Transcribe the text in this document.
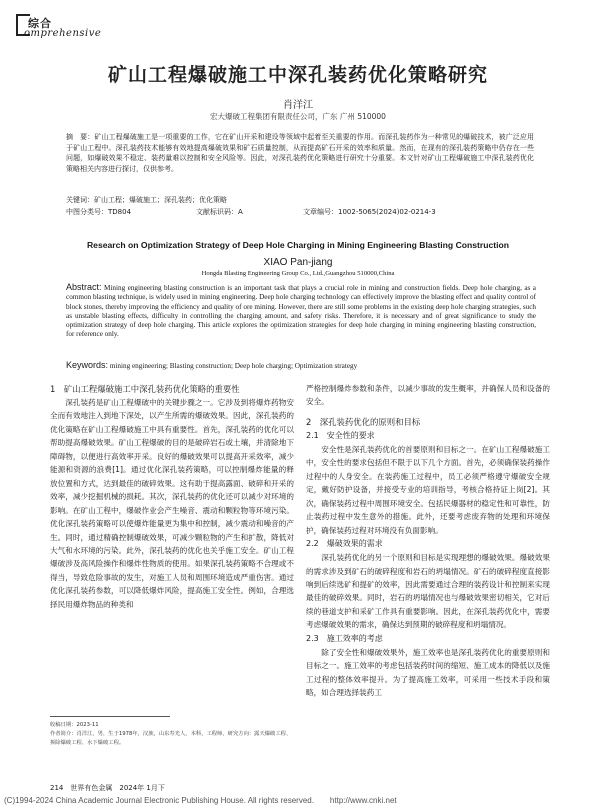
综合
omprehensive
矿山工程爆破施工中深孔装药优化策略研究
肖洋江
宏大爆破工程集团有限责任公司，广东 广州 510000
摘　要：矿山工程爆破施工是一项重要的工作，它在矿山开采和建设等领域中起着至关重要的作用。而深孔装药作为一种常见的爆破技术，被广泛应用于矿山工程中。深孔装药技术能够有效地提高爆破效果和矿石质量控制，从而提高矿石开采的效率和质量。然而，在现有的深孔装药策略中仍存在一些问题，如爆破效果不稳定、装药量难以控制和安全风险等。因此，对深孔装药优化策略进行研究十分重要。本文针对矿山工程爆破施工中深孔装药优化策略相关内容进行探讨，仅供参考。
关键词：矿山工程；爆破施工；深孔装药；优化策略
中图分类号：TD804	文献标识码：A	文章编号：1002-5065(2024)02-0214-3
Research on Optimization Strategy of Deep Hole Charging in Mining Engineering Blasting Construction
XIAO Pan-jiang
Hongda Blasting Engineering Group Co., Ltd.,Guangzhou 510000,China
Abstract: Mining engineering blasting construction is an important task that plays a crucial role in mining and construction fields. Deep hole charging, as a common blasting technique, is widely used in mining engineering. Deep hole charging technology can effectively improve the blasting effect and quality control of block stones, thereby improving the efficiency and quality of ore mining. However, there are still some problems in the existing deep hole charging strategies, such as unstable blasting effects, difficulty in controlling the charging amount, and safety risks. Therefore, it is necessary and of great significance to study the optimization strategy of deep hole charging. This article explores the optimization strategies for deep hole charging in mining engineering blasting construction, for reference only.
Keywords: mining engineering; Blasting construction; Deep hole charging; Optimization strategy
1　矿山工程爆破施工中深孔装药优化策略的重要性

深孔装药是矿山工程爆破中的关键步骤之一。它涉及到将爆炸药物安全而有效地注入到地下深处，以产生所需的爆破效果。因此，深孔装药的优化策略在矿山工程爆破施工中具有重要性。首先，深孔装药的优化可以帮助提高爆破效果。矿山工程爆破的目的是破碎岩石或土壤，并清除地下障碍物，以便进行高效率开采。良好的爆破效果可以提高开采效率，减少能源和资源的浪费[1]。通过优化深孔装药策略，可以控制爆炸能量的释放位置和方式，达到最佳的破碎效果。这有助于提高露面、破碎和开采的效率，减少挖掘机械的损耗。其次，深孔装药的优化还可以减少对环境的影响。在矿山工程中，爆破作业会产生噪音、震动和颗粒物等环境污染。优化深孔装药策略可以使爆炸能量更为集中和控制，减少震动和噪音的产生。同时，通过精确控制爆破效果，可减少颗粒物的产生和扩散，降低对大气和水环境的污染。此外，深孔装药的优化也关乎施工安全。矿山工程爆破涉及高风险操作和爆炸性物质的使用。如果深孔装药策略不合理或不得当，导致危险事故的发生，对施工人员和周围环境造成严重伤害。通过优化深孔装药参数，可以降低爆炸风险，提高施工安全性。例如，合理选择民用爆炸物品的种类和

收稿日期：2023-11
作者简介：肖洋江，男，生于1978年，汉族，山东寿光人，本科，工程师，研究方向：露天爆破工程、拆除爆破工程、水下爆破工程。

严格控制爆炸参数和条件，以减少事故的发生概率，并确保人员和设备的安全。

2　深孔装药优化的原则和目标
2.1　安全性的要求

安全性是深孔装药优化的首要原则和目标之一。在矿山工程爆破施工中，安全性的要求包括但不限于以下几个方面。首先，必须确保装药操作过程中的人身安全。在装药施工过程中，员工必须严格遵守爆破安全规定，戴好防护设备，并接受专业的培训指导，考核合格持证上岗[2]。其次，确保装药过程中周围环境安全。包括民爆器材的稳定性和可靠性，防止装药过程中发生意外的措施。此外，还要考虑废弃物的处理和环境保护，确保装药过程对环境没有负面影响。

2.2　爆破效果的需求

深孔装药优化的另一个原则和目标是实现理想的爆破效果。爆破效果的需求涉及到矿石的破碎程度和岩石的坍塌情况。矿石的破碎程度直接影响到后续选矿和提矿的效率，因此需要通过合理的装药设计和控制来实现最佳的破碎效果。同时，岩石的坍塌情况也与爆破效果密切相关，它对后续的巷道支护和采矿工作具有重要影响。因此，在深孔装药优化中，需要考虑爆破效果的需求，确保达到预期的破碎程度和坍塌情况。

2.3　施工效率的考虑

除了安全性和爆破效果外，施工效率也是深孔装药优化的重要原则和目标之一。施工效率的考虑包括装药时间的缩短、施工成本的降低以及施工过程的整体效率提升。为了提高施工效率，可采用一些技术手段和策略，如合理选择装药工

214　世界有色金属　2024年 1月下
(C)1994-2024 China Academic Journal Electronic Publishing House. All rights reserved.　　http://www.cnki.net
